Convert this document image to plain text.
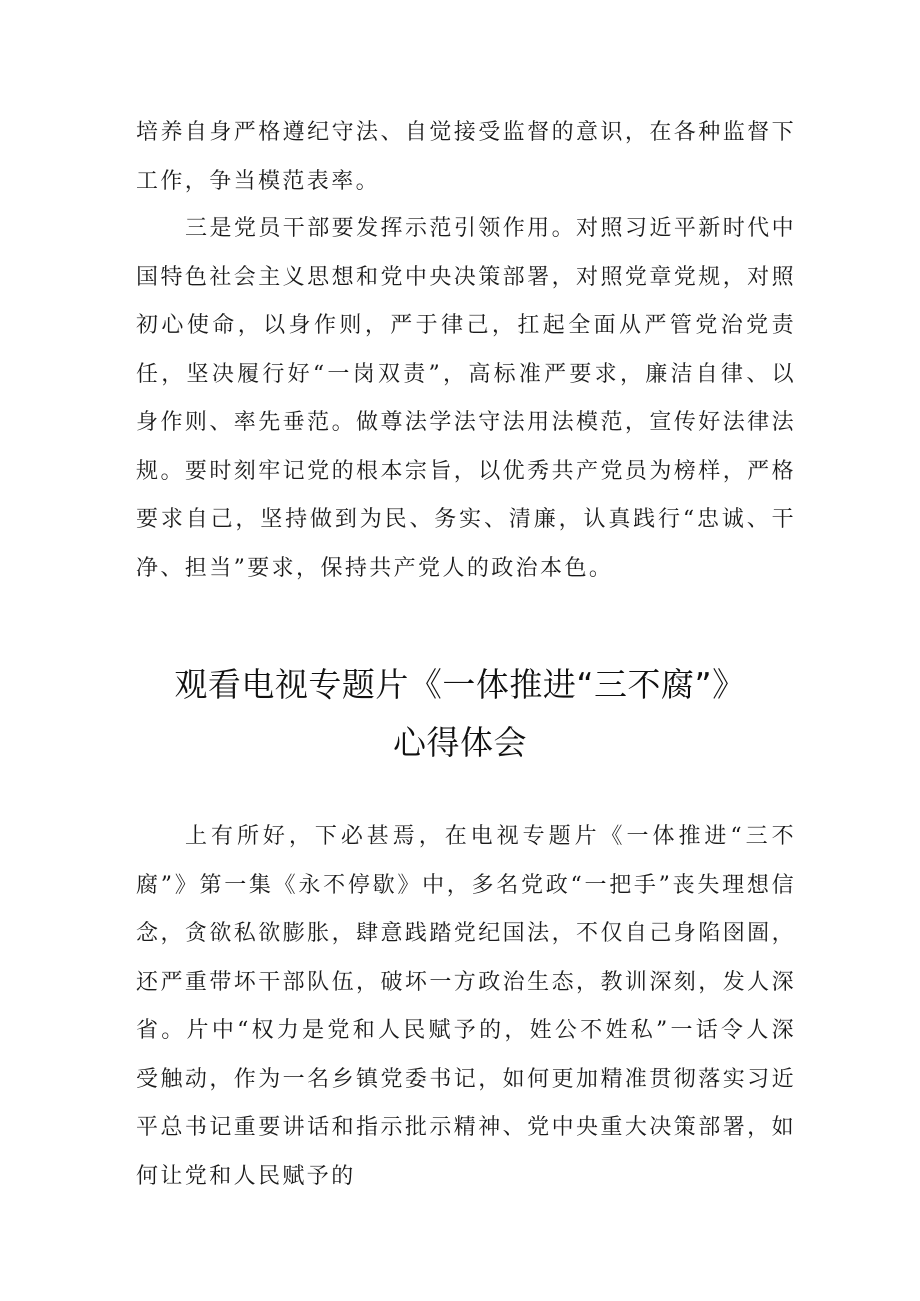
培养自身严格遵纪守法、自觉接受监督的意识，在各种监督下工作，争当模范表率。

三是党员干部要发挥示范引领作用。对照习近平新时代中国特色社会主义思想和党中央决策部署，对照党章党规，对照初心使命，以身作则，严于律己，扛起全面从严管党治党责任，坚决履行好“一岗双责”，高标准严要求，廉洁自律、以身作则、率先垂范。做尊法学法守法用法模范，宣传好法律法规。要时刻牢记党的根本宗旨，以优秀共产党员为榜样，严格要求自己，坚持做到为民、务实、清廉，认真践行“忠诚、干净、担当”要求，保持共产党人的政治本色。

观看电视专题片《一体推进“三不腐”》
心得体会

上有所好，下必甚焉，在电视专题片《一体推进“三不腐”》第一集《永不停歇》中，多名党政“一把手”丧失理想信念，贪欲私欲膨胀，肆意践踏党纪国法，不仅自己身陷囹圄，还严重带坏干部队伍，破坏一方政治生态，教训深刻，发人深省。片中“权力是党和人民赋予的，姓公不姓私”一话令人深受触动，作为一名乡镇党委书记，如何更加精准贯彻落实习近平总书记重要讲话和指示批示精神、党中央重大决策部署，如何让党和人民赋予的
